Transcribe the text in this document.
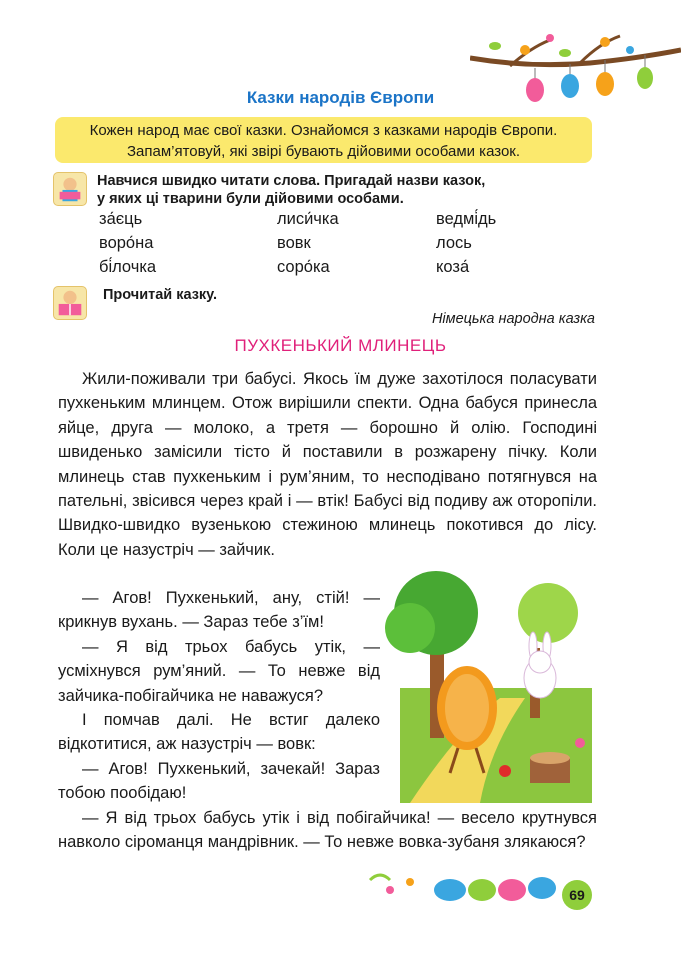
Казки народів Європи
Кожен народ має свої казки. Ознайомся з казками народів Європи.
Запам’ятовуй, які звірі бувають дійовими особами казок.
Навчися швидко читати слова. Пригадай назви казок,
у яких ці тварини були дійовими особами.
за́єць	лиси́чка	ведмі́дь
воро́на	вовк	лось
бі́лочка	соро́ка	коза́
Прочитай казку.
Німецька народна казка
ПУХКЕНЬКИЙ МЛИНЕЦЬ

Жили-поживали три бабусі. Якось їм дуже захотілося поласувати пухкеньким млинцем. Отож вирішили спекти. Одна бабуся принесла яйце, друга — молоко, а третя — борошно й олію. Господині швиденько замісили тісто й поставили в розжарену пічку. Коли млинець став пухкеньким і рум’яним, то несподівано потягнувся на пательні, звісився через край і — втік! Бабусі від подиву аж оторопіли. Швидко-швидко вузенькою стежиною млинець покотився до лісу. Коли це назустріч — зайчик.

— Агов! Пухкенький, ану, стій! — крикнув вухань. — Зараз тебе з’їм!

— Я від трьох бабусь утік, — усміхнувся рум’яний. — То невже від зайчика-побігайчика не наважуся?

І помчав далі. Не встиг далеко відкотитися, аж назустріч — вовк:

— Агов! Пухкенький, зачекай! Зараз тобою пообідаю!

— Я від трьох бабусь утік і від побігайчика! — весело крутнувся навколо сіроманця мандрівник. — То невже вовка-зубаня злякаюся?

69
